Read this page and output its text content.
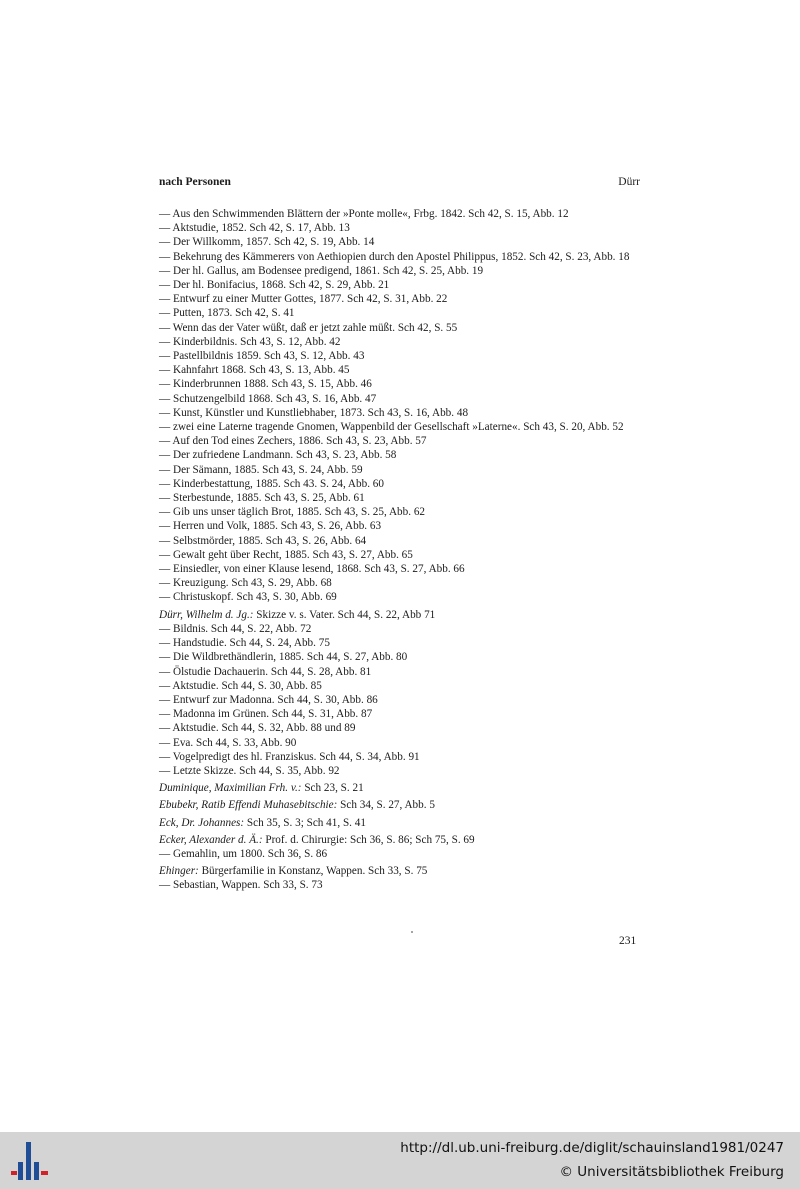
nach Personen	Dürr
— Aus den Schwimmenden Blättern der »Ponte molle«, Frbg. 1842. Sch 42, S. 15, Abb. 12
— Aktstudie, 1852. Sch 42, S. 17, Abb. 13
— Der Willkomm, 1857. Sch 42, S. 19, Abb. 14
— Bekehrung des Kämmerers von Aethiopien durch den Apostel Philippus, 1852. Sch 42, S. 23, Abb. 18
— Der hl. Gallus, am Bodensee predigend, 1861. Sch 42, S. 25, Abb. 19
— Der hl. Bonifacius, 1868. Sch 42, S. 29, Abb. 21
— Entwurf zu einer Mutter Gottes, 1877. Sch 42, S. 31, Abb. 22
— Putten, 1873. Sch 42, S. 41
— Wenn das der Vater wüßt, daß er jetzt zahle müßt. Sch 42, S. 55
— Kinderbildnis. Sch 43, S. 12, Abb. 42
— Pastellbildnis 1859. Sch 43, S. 12, Abb. 43
— Kahnfahrt 1868. Sch 43, S. 13, Abb. 45
— Kinderbrunnen 1888. Sch 43, S. 15, Abb. 46
— Schutzengelbild 1868. Sch 43, S. 16, Abb. 47
— Kunst, Künstler und Kunstliebhaber, 1873. Sch 43, S. 16, Abb. 48
— zwei eine Laterne tragende Gnomen, Wappenbild der Gesellschaft »Laterne«. Sch 43, S. 20, Abb. 52
— Auf den Tod eines Zechers, 1886. Sch 43, S. 23, Abb. 57
— Der zufriedene Landmann. Sch 43, S. 23, Abb. 58
— Der Sämann, 1885. Sch 43, S. 24, Abb. 59
— Kinderbestattung, 1885. Sch 43. S. 24, Abb. 60
— Sterbestunde, 1885. Sch 43, S. 25, Abb. 61
— Gib uns unser täglich Brot, 1885. Sch 43, S. 25, Abb. 62
— Herren und Volk, 1885. Sch 43, S. 26, Abb. 63
— Selbstmörder, 1885. Sch 43, S. 26, Abb. 64
— Gewalt geht über Recht, 1885. Sch 43, S. 27, Abb. 65
— Einsiedler, von einer Klause lesend, 1868. Sch 43, S. 27, Abb. 66
— Kreuzigung. Sch 43, S. 29, Abb. 68
— Christuskopf. Sch 43, S. 30, Abb. 69
Dürr, Wilhelm d. Jg.: Skizze v. s. Vater. Sch 44, S. 22, Abb 71
— Bildnis. Sch 44, S. 22, Abb. 72
— Handstudie. Sch 44, S. 24, Abb. 75
— Die Wildbrethändlerin, 1885. Sch 44, S. 27, Abb. 80
— Ölstudie Dachauerin. Sch 44, S. 28, Abb. 81
— Aktstudie. Sch 44, S. 30, Abb. 85
— Entwurf zur Madonna. Sch 44, S. 30, Abb. 86
— Madonna im Grünen. Sch 44, S. 31, Abb. 87
— Aktstudie. Sch 44, S. 32, Abb. 88 und 89
— Eva. Sch 44, S. 33, Abb. 90
— Vogelpredigt des hl. Franziskus. Sch 44, S. 34, Abb. 91
— Letzte Skizze. Sch 44, S. 35, Abb. 92
Duminique, Maximilian Frh. v.: Sch 23, S. 21
Ebubekr, Ratib Effendi Muhasebitschie: Sch 34, S. 27, Abb. 5
Eck, Dr. Johannes: Sch 35, S. 3; Sch 41, S. 41
Ecker, Alexander d. Ä.: Prof. d. Chirurgie: Sch 36, S. 86; Sch 75, S. 69
— Gemahlin, um 1800. Sch 36, S. 86
Ehinger: Bürgerfamilie in Konstanz, Wappen. Sch 33, S. 75
— Sebastian, Wappen. Sch 33, S. 73
231
http://dl.ub.uni-freiburg.de/diglit/schauinsland1981/0247
© Universitätsbibliothek Freiburg
